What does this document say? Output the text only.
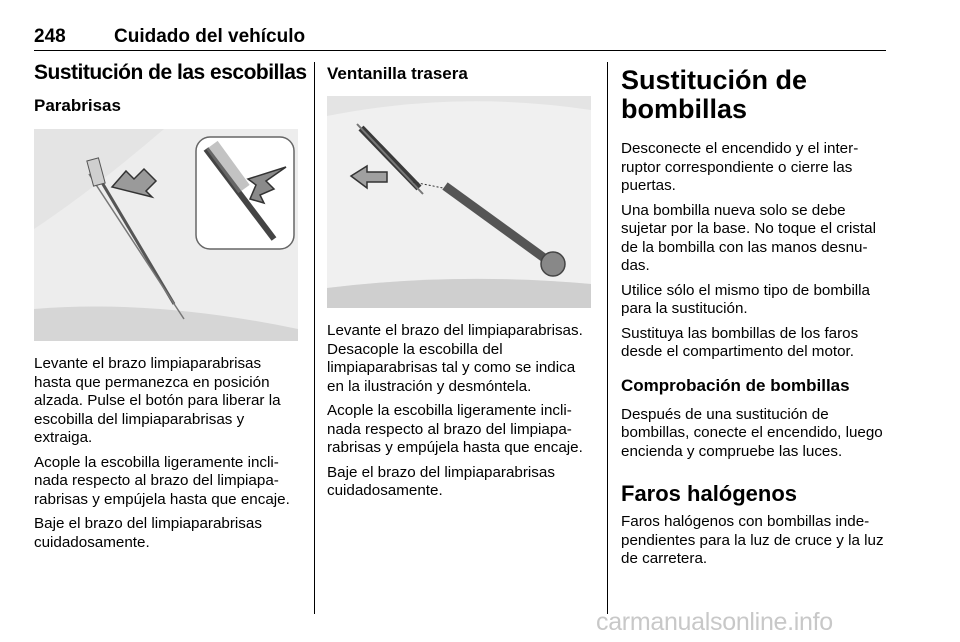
248	Cuidado del vehículo
Sustitución de las escobillas
Parabrisas

Levante el brazo limpiaparabrisas hasta que permanezca en posición alzada. Pulse el botón para liberar la escobilla del limpiaparabrisas y extraiga.

Acople la escobilla ligeramente inclinada respecto al brazo del limpiaparabrisas y empújela hasta que encaje.

Baje el brazo del limpiaparabrisas cuidadosamente.

Ventanilla trasera

Levante el brazo del limpiaparabrisas. Desacople la escobilla del limpiaparabrisas tal y como se indica en la ilustración y desmóntela.

Acople la escobilla ligeramente inclinada respecto al brazo del limpiaparabrisas y empújela hasta que encaje.

Baje el brazo del limpiaparabrisas cuidadosamente.

Sustitución de bombillas

Desconecte el encendido y el interruptor correspondiente o cierre las puertas.

Una bombilla nueva solo se debe sujetar por la base. No toque el cristal de la bombilla con las manos desnudas.

Utilice sólo el mismo tipo de bombilla para la sustitución.

Sustituya las bombillas de los faros desde el compartimento del motor.

Comprobación de bombillas

Después de una sustitución de bombillas, conecte el encendido, luego encienda y compruebe las luces.

Faros halógenos

Faros halógenos con bombillas independientes para la luz de cruce y la luz de carretera.

carmanualsonline.info
